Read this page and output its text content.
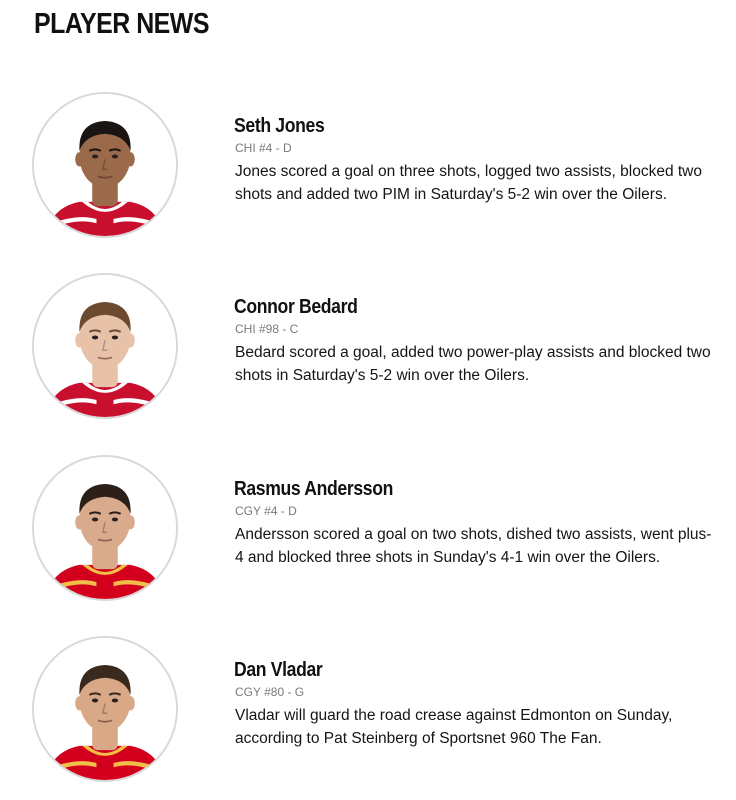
PLAYER NEWS
Seth Jones
CHI #4 - D

Jones scored a goal on three shots, logged two assists, blocked two shots and added two PIM in Saturday's 5-2 win over the Oilers.

Connor Bedard
CHI #98 - C

Bedard scored a goal, added two power-play assists and blocked two shots in Saturday's 5-2 win over the Oilers.

Rasmus Andersson
CGY #4 - D

Andersson scored a goal on two shots, dished two assists, went plus-4 and blocked three shots in Sunday's 4-1 win over the Oilers.

Dan Vladar
CGY #80 - G

Vladar will guard the road crease against Edmonton on Sunday, according to Pat Steinberg of Sportsnet 960 The Fan.
